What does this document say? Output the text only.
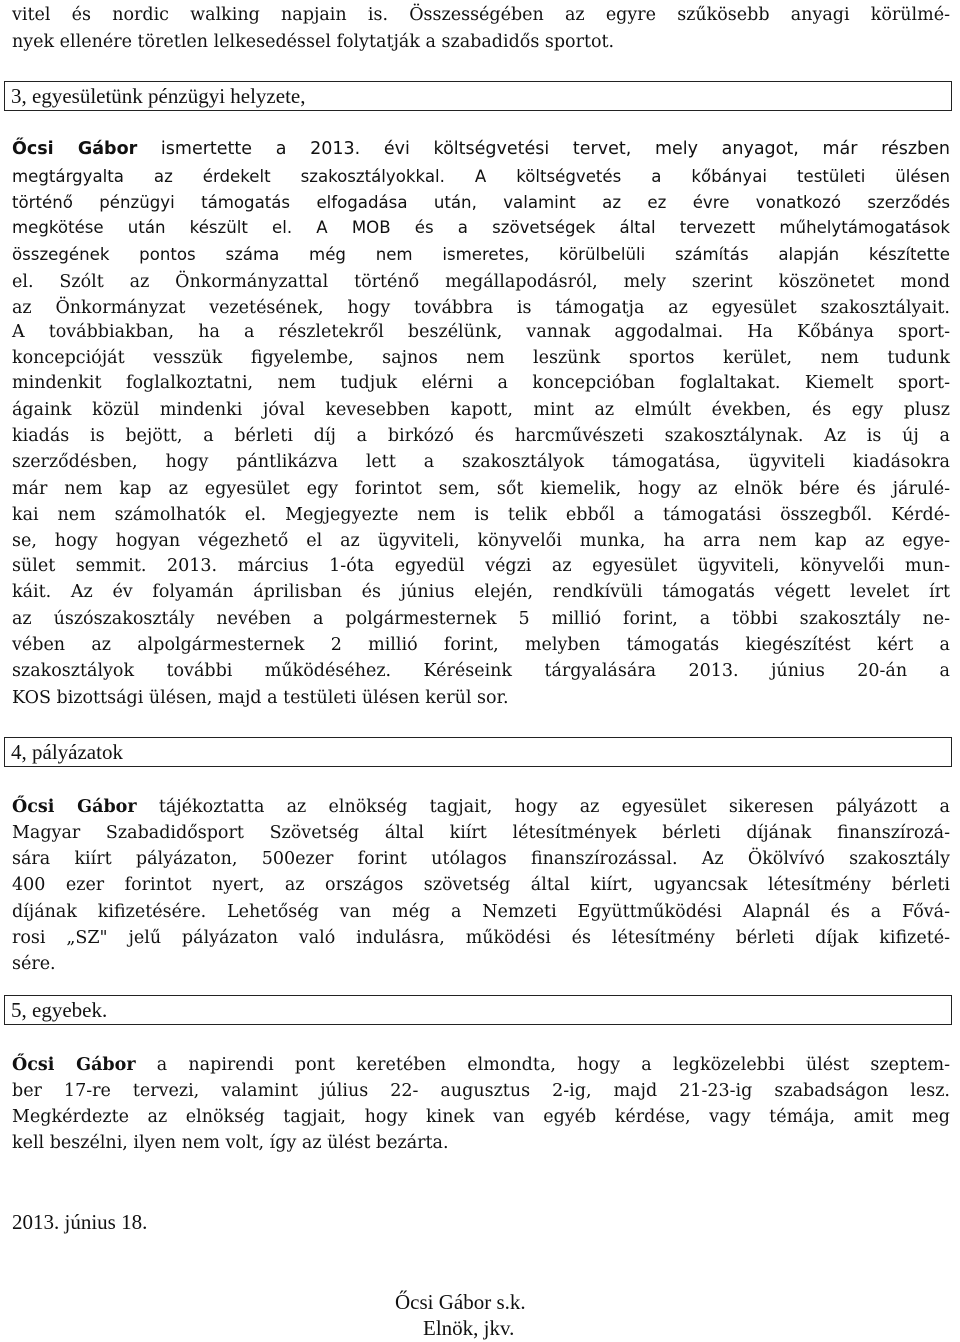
vitel és nordic walking napjain is. Összességében az egyre szűkösebb anyagi körülmé-
nyek ellenére töretlen lelkesedéssel folytatják a szabadidős sportot.
3, egyesületünk pénzügyi helyzete,
Őcsi Gábor ismertette a 2013. évi költségvetési tervet, mely anyagot, már részben
megtárgyalta az érdekelt szakosztályokkal. A költségvetés a kőbányai testületi ülésen
történő pénzügyi támogatás elfogadása után, valamint az ez évre vonatkozó szerződés
megkötése után készült el. A MOB és a szövetségek által tervezett műhelytámogatások
összegének pontos száma még nem ismeretes, körülbelüli számítás alapján készítette
el. Szólt az Önkormányzattal történő megállapodásról, mely szerint köszönetet mond
az Önkormányzat vezetésének, hogy továbbra is támogatja az egyesület szakosztályait.
A továbbiakban, ha a részletekről beszélünk, vannak aggodalmai. Ha Kőbánya sport-
koncepcióját vesszük figyelembe, sajnos nem leszünk sportos kerület, nem tudunk
mindenkit foglalkoztatni, nem tudjuk elérni a koncepcióban foglaltakat. Kiemelt sport-
ágaink közül mindenki jóval kevesebben kapott, mint az elmúlt években, és egy plusz
kiadás is bejött, a bérleti díj a birkózó és harcművészeti szakosztálynak. Az is új a
szerződésben, hogy pántlikázva lett a szakosztályok támogatása, ügyviteli kiadásokra
már nem kap az egyesület egy forintot sem, sőt kiemelik, hogy az elnök bére és járulé-
kai nem számolhatók el. Megjegyezte nem is telik ebből a támogatási összegből. Kérdé-
se, hogy hogyan végezhető el az ügyviteli, könyvelői munka, ha arra nem kap az egye-
sület semmit. 2013. március 1-óta egyedül végzi az egyesület ügyviteli, könyvelői mun-
káit. Az év folyamán áprilisban és június elején, rendkívüli támogatás végett levelet írt
az úszószakosztály nevében a polgármesternek 5 millió forint, a többi szakosztály ne-
vében az alpolgármesternek 2 millió forint, melyben támogatás kiegészítést kért a
szakosztályok további működéséhez. Kéréseink tárgyalására 2013. június 20-án a
KOS bizottsági ülésen, majd a testületi ülésen kerül sor.
4, pályázatok
Őcsi Gábor tájékoztatta az elnökség tagjait, hogy az egyesület sikeresen pályázott a
Magyar Szabadidősport Szövetség által kiírt létesítmények bérleti díjának finanszírozá-
sára kiírt pályázaton, 500ezer forint utólagos finanszírozással. Az Ökölvívó szakosztály
400 ezer forintot nyert, az országos szövetség által kiírt, ugyancsak létesítmény bérleti
díjának kifizetésére. Lehetőség van még a Nemzeti Együttműködési Alapnál és a Fővá-
rosi „SZ" jelű pályázaton való indulásra, működési és létesítmény bérleti díjak kifizeté-
sére.
5, egyebek.
Őcsi Gábor a napirendi pont keretében elmondta, hogy a legközelebbi ülést szeptem-
ber 17-re tervezi, valamint július 22- augusztus 2-ig, majd 21-23-ig szabadságon lesz.
Megkérdezte az elnökség tagjait, hogy kinek van egyéb kérdése, vagy témája, amit meg
kell beszélni, ilyen nem volt, így az ülést bezárta.
2013. június 18.
Őcsi Gábor s.k.
Elnök, jkv.
